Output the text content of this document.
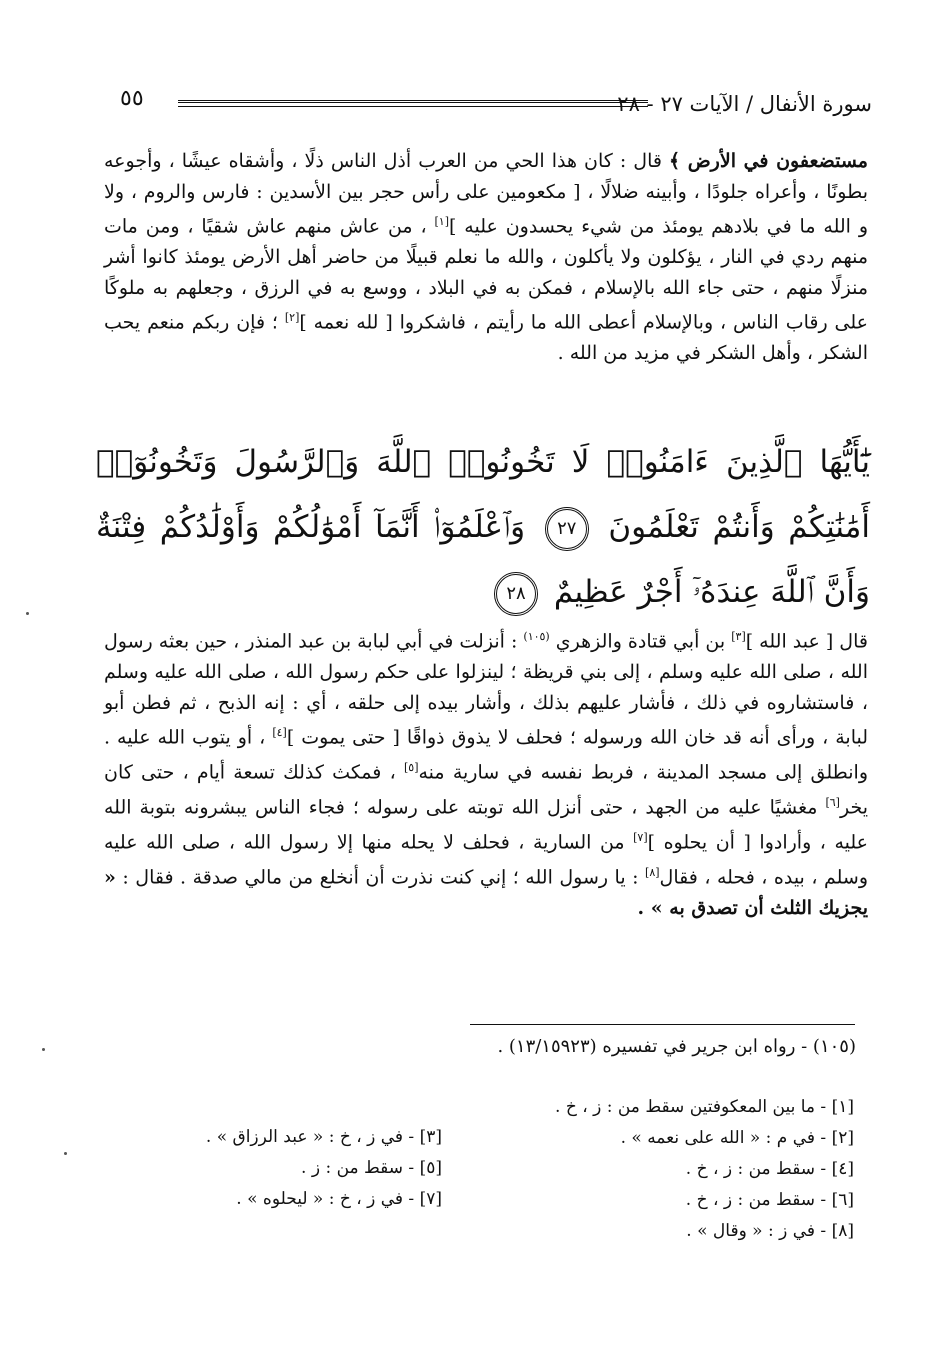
سورة الأنفال / الآيات ٢٧ - ٢٨
٥٥
مستضعفون في الأرض ﴾ قال : كان هذا الحي من العرب أذل الناس ذلًا ، وأشقاه عيشًا ، وأجوعه بطونًا ، وأعراه جلودًا ، وأبينه ضلالًا ، [ مكعومين على رأس حجر بين الأسدين : فارس والروم ، ولا و الله ما في بلادهم يومئذ من شيء يحسدون عليه ][١] ، من عاش منهم عاش شقيًا ، ومن مات منهم ردي في النار ، يؤكلون ولا يأكلون ، والله ما نعلم قبيلًا من حاضر أهل الأرض يومئذ كانوا أشر منزلًا منهم ، حتى جاء الله بالإسلام ، فمكن به في البلاد ، ووسع به في الرزق ، وجعلهم به ملوكًا على رقاب الناس ، وبالإسلام أعطى الله ما رأيتم ، فاشكروا [ لله نعمه ][٢] ؛ فإن ربكم منعم يحب الشكر ، وأهل الشكر في مزيد من الله .
يَٰٓأَيُّهَا ٱلَّذِينَ ءَامَنُوا۟ لَا تَخُونُوا۟ ٱللَّهَ وَٱلرَّسُولَ وَتَخُونُوٓا۟ أَمَٰنَٰتِكُمْ وَأَنتُمْ تَعْلَمُونَ ٢٧ وَٱعْلَمُوٓا۟ أَنَّمَآ أَمْوَٰلُكُمْ وَأَوْلَٰدُكُمْ فِتْنَةٌ وَأَنَّ ٱللَّهَ عِندَهُۥٓ أَجْرٌ عَظِيمٌ ٢٨
قال [ عبد الله ][٣] بن أبي قتادة والزهري $^{(١٠٥)}$ : أنزلت في أبي لبابة بن عبد المنذر ، حين بعثه رسول الله ، صلى الله عليه وسلم ، إلى بني قريظة ؛ لينزلوا على حكم رسول الله ، صلى الله عليه وسلم ، فاستشاروه في ذلك ، فأشار عليهم بذلك ، وأشار بيده إلى حلقه ، أي : إنه الذبح ، ثم فطن أبو لبابة ، ورأى أنه قد خان الله ورسوله ؛ فحلف لا يذوق ذواقًا [ حتى يموت ][٤] ، أو يتوب الله عليه . وانطلق إلى مسجد المدينة ، فربط نفسه في سارية منه[٥] ، فمكث كذلك تسعة أيام ، حتى كان يخر[٦] مغشيًا عليه من الجهد ، حتى أنزل الله توبته على رسوله ؛ فجاء الناس يبشرونه بتوبة الله عليه ، وأرادوا [ أن يحلوه ][٧] من السارية ، فحلف لا يحله منها إلا رسول الله ، صلى الله عليه وسلم ، بيده ، فحله ، فقال[٨] : يا رسول الله ؛ إني كنت نذرت أن أنخلع من مالي صدقة . فقال : « يجزيك الثلث أن تصدق به » .
(١٠٥) - رواه ابن جرير في تفسيره (١٣/١٥٩٢٣) .
[١] - ما بين المعكوفتين سقط من : ز ، خ .
[٢] - في م : « الله على نعمه » .
[٤] - سقط من : ز ، خ .
[٦] - سقط من : ز ، خ .
[٨] - في ز : « وقال » .
[٣] - في ز ، خ : « عبد الرزاق » .
[٥] - سقط من : ز .
[٧] - في ز ، خ : « ليحلوه » .
